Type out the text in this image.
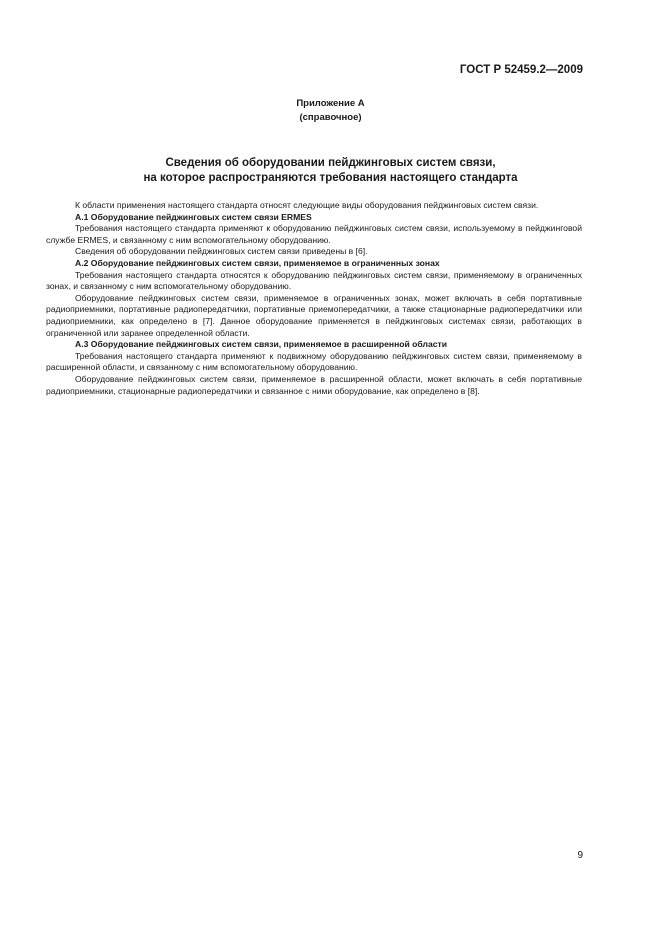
ГОСТ Р 52459.2—2009
Приложение А
(справочное)
Сведения об оборудовании пейджинговых систем связи,
на которое распространяются требования настоящего стандарта

К области применения настоящего стандарта относят следующие виды оборудования пейджинговых систем связи.

А.1 Оборудование пейджинговых систем связи ERMES

Требования настоящего стандарта применяют к оборудованию пейджинговых систем связи, используемому в пейджинговой службе ERMES, и связанному с ним вспомогательному оборудованию.

Сведения об оборудовании пейджинговых систем связи приведены в [6].

А.2 Оборудование пейджинговых систем связи, применяемое в ограниченных зонах

Требования настоящего стандарта относятся к оборудованию пейджинговых систем связи, применяемому в ограниченных зонах, и связанному с ним вспомогательному оборудованию.

Оборудование пейджинговых систем связи, применяемое в ограниченных зонах, может включать в себя портативные радиоприемники, портативные радиопередатчики, портативные приемопередатчики, а также стационарные радиопередатчики или радиоприемники, как определено в [7]. Данное оборудование применяется в пейджинговых системах связи, работающих в ограниченной или заранее определенной области.

А.3 Оборудование пейджинговых систем связи, применяемое в расширенной области

Требования настоящего стандарта применяют к подвижному оборудованию пейджинговых систем связи, применяемому в расширенной области, и связанному с ним вспомогательному оборудованию.

Оборудование пейджинговых систем связи, применяемое в расширенной области, может включать в себя портативные радиоприемники, стационарные радиопередатчики и связанное с ними оборудование, как определено в [8].

9
